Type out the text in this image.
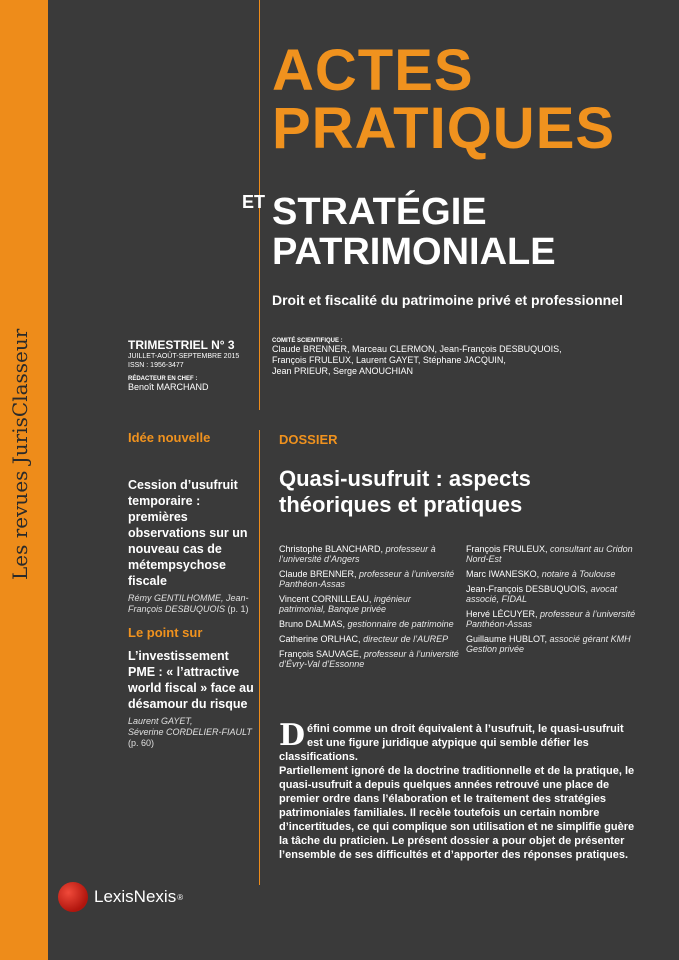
Les revues JurisClasseur
ACTES
PRATIQUES
ET STRATÉGIE
PATRIMONIALE
Droit et fiscalité du patrimoine privé et professionnel
TRIMESTRIEL N° 3
JUILLET-AOÛT-SEPTEMBRE 2015
ISSN : 1956-3477
RÉDACTEUR EN CHEF :
Benoît MARCHAND
COMITÉ SCIENTIFIQUE :
Claude BRENNER, Marceau CLERMON, Jean-François DESBUQUOIS,
François FRULEUX, Laurent GAYET, Stéphane JACQUIN,
Jean PRIEUR, Serge ANOUCHIAN
Idée nouvelle
Cession d’usufruit temporaire : premières observations sur un nouveau cas de métempsychose fiscale
Rémy GENTILHOMME, Jean-François DESBUQUOIS (p. 1)
Le point sur
L’investissement PME : « l’attractive world fiscal » face au désamour du risque
Laurent GAYET,
Séverine CORDELIER-FIAULT
(p. 60)
DOSSIER
Quasi-usufruit : aspects théoriques et pratiques
Christophe BLANCHARD, professeur à l’université d’Angers
Claude BRENNER, professeur à l’université Panthéon-Assas
Vincent CORNILLEAU, ingénieur patrimonial, Banque privée
Bruno DALMAS, gestionnaire de patrimoine
Catherine ORLHAC, directeur de l’AUREP
François SAUVAGE, professeur à l’université d’Évry-Val d’Essonne
François FRULEUX, consultant au Cridon Nord-Est
Marc IWANESKO, notaire à Toulouse
Jean-François DESBUQUOIS, avocat associé, FIDAL
Hervé LÉCUYER, professeur à l’université Panthéon-Assas
Guillaume HUBLOT, associé gérant KMH Gestion privée
Défini comme un droit équivalent à l’usufruit, le quasi-usufruit est une figure juridique atypique qui semble défier les classifications.
Partiellement ignoré de la doctrine traditionnelle et de la pratique, le quasi-usufruit a depuis quelques années retrouvé une place de premier ordre dans l’élaboration et le traitement des stratégies patrimoniales familiales. Il recèle toutefois un certain nombre d’incertitudes, ce qui complique son utilisation et ne simplifie guère la tâche du praticien. Le présent dossier a pour objet de présenter l’ensemble de ses difficultés et d’apporter des réponses pratiques.
LexisNexis ®
